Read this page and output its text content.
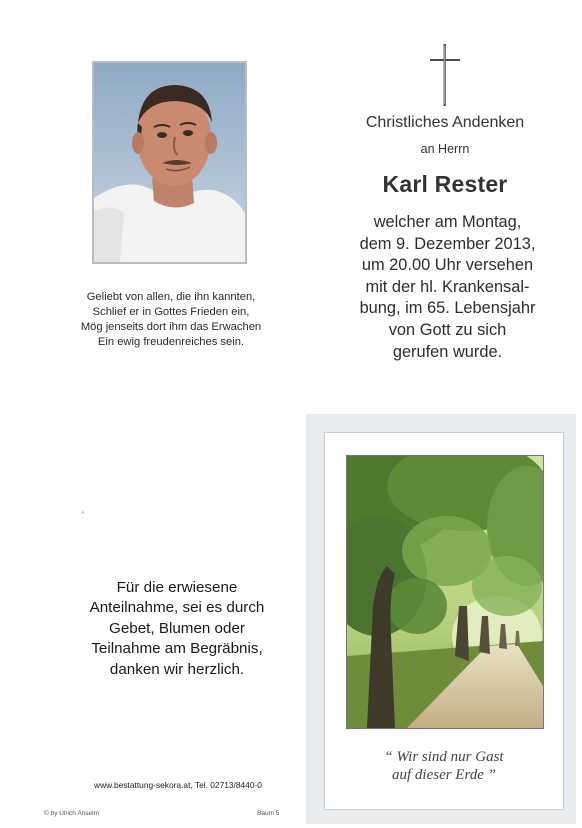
Geliebt von allen, die ihn kannten,
Schlief er in Gottes Frieden ein,
Mög jenseits dort ihm das Erwachen
Ein ewig freudenreiches sein.
Christliches Andenken
an Herrn
Karl Rester
welcher am Montag,
dem 9. Dezember 2013,
um 20.00 Uhr versehen
mit der hl. Krankensal-
bung, im 65. Lebensjahr
von Gott zu sich
gerufen wurde.
'
Für die erwiesene
Anteilnahme, sei es durch
Gebet, Blumen oder
Teilnahme am Begräbnis,
danken wir herzlich.
www.bestattung-sekora.at, Tel. 02713/8440-0
© by Ulrich Anselm	Baum 5
“ Wir sind nur Gast
auf dieser Erde ”
